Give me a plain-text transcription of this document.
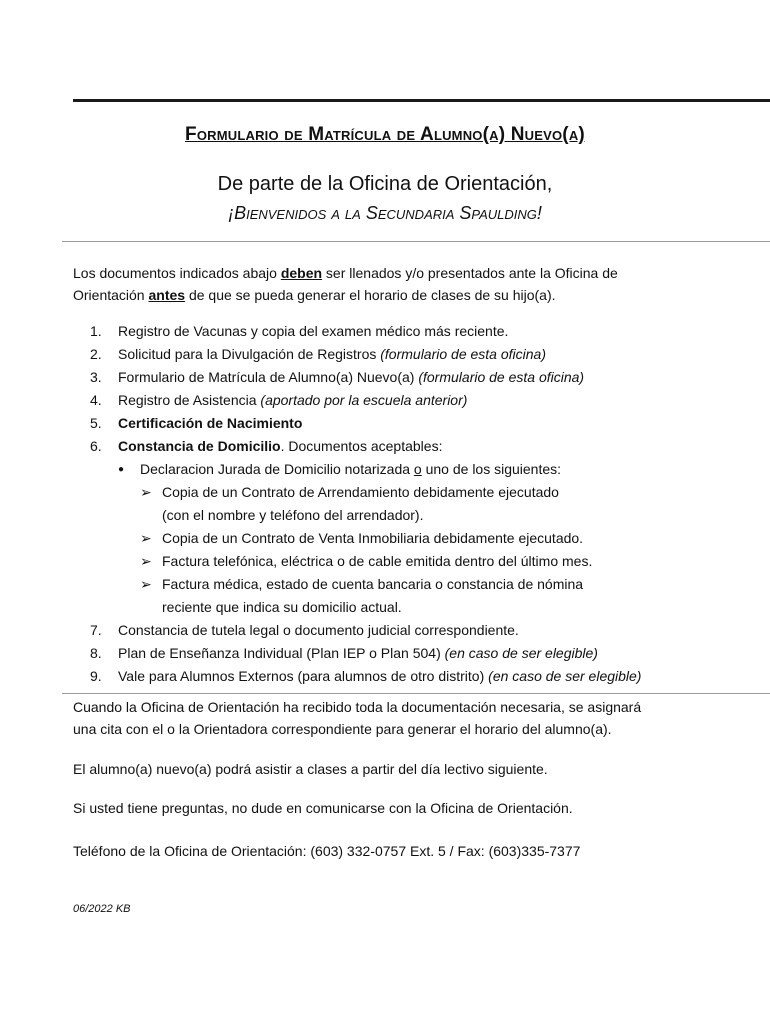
Formulario de Matrícula de Alumno(a) Nuevo(a)
De parte de la Oficina de Orientación,
¡Bienvenidos a la Secundaria Spaulding!
Los documentos indicados abajo deben ser llenados y/o presentados ante la Oficina de
Orientación antes de que se pueda generar el horario de clases de su hijo(a).
1.	Registro de Vacunas y copia del examen médico más reciente.
2.	Solicitud para la Divulgación de Registros (formulario de esta oficina)
3.	Formulario de Matrícula de Alumno(a) Nuevo(a) (formulario de esta oficina)
4.	Registro de Asistencia (aportado por la escuela anterior)
5.	Certificación de Nacimiento
6.	Constancia de Domicilio. Documentos aceptables:
●	Declaracion Jurada de Domicilio notarizada o uno de los siguientes:
➢ Copia de un Contrato de Arrendamiento debidamente ejecutado
(con el nombre y teléfono del arrendador).
➢ Copia de un Contrato de Venta Inmobiliaria debidamente ejecutado.
➢ Factura telefónica, eléctrica o de cable emitida dentro del último mes.
➢ Factura médica, estado de cuenta bancaria o constancia de nómina
reciente que indica su domicilio actual.
7.	Constancia de tutela legal o documento judicial correspondiente.
8.	Plan de Enseñanza Individual (Plan IEP o Plan 504) (en caso de ser elegible)
9.	Vale para Alumnos Externos (para alumnos de otro distrito) (en caso de ser elegible)
Cuando la Oficina de Orientación ha recibido toda la documentación necesaria, se asignará
una cita con el o la Orientadora correspondiente para generar el horario del alumno(a).
El alumno(a) nuevo(a) podrá asistir a clases a partir del día lectivo siguiente.
Si usted tiene preguntas, no dude en comunicarse con la Oficina de Orientación.
Teléfono de la Oficina de Orientación: (603) 332-0757 Ext. 5 / Fax: (603)335-7377
06/2022 KB
